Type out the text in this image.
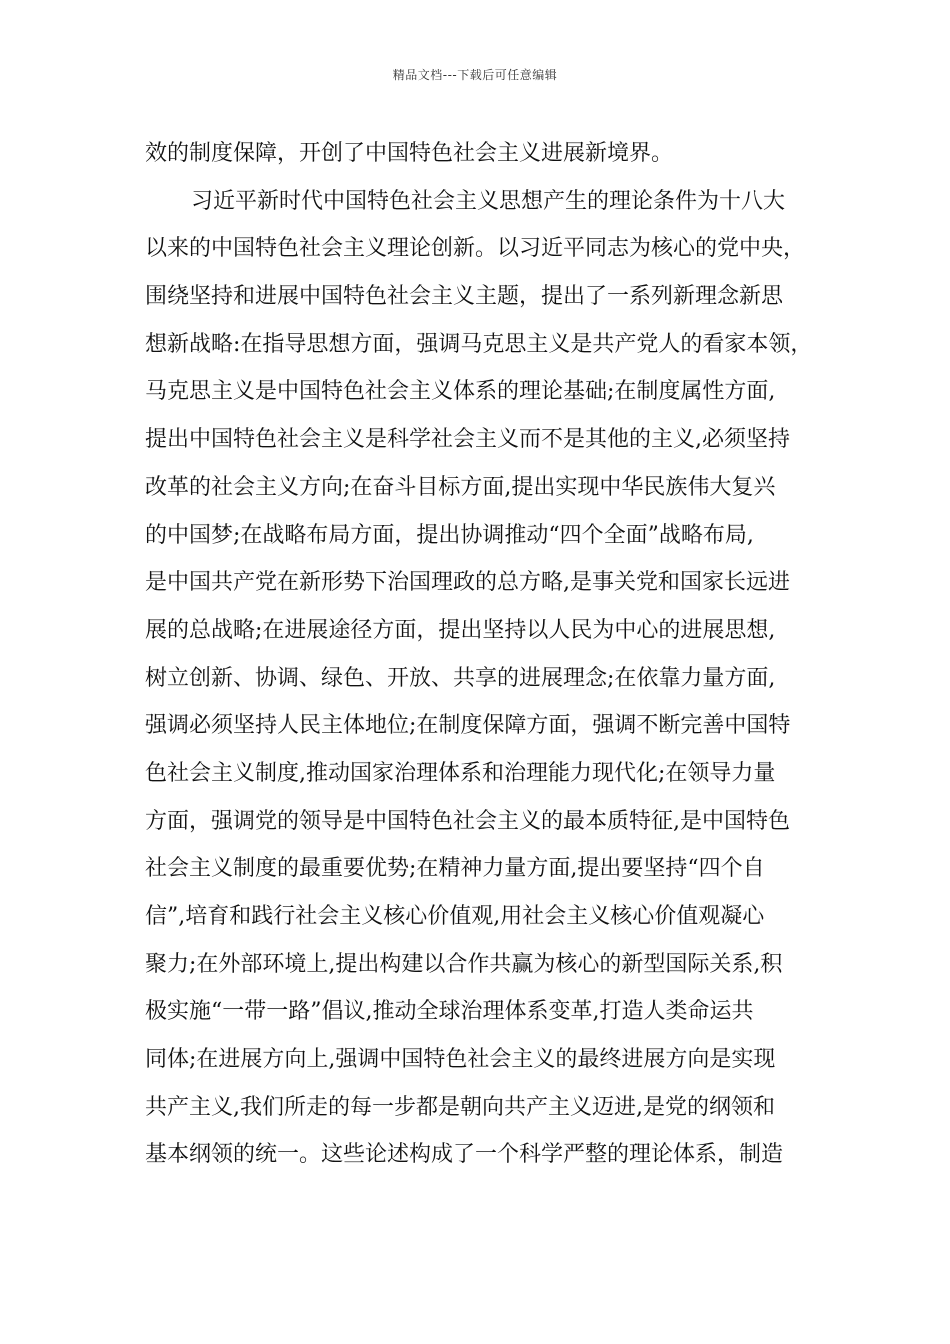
精品文档---下载后可任意编辑
效的制度保障，开创了中国特色社会主义进展新境界。
习近平新时代中国特色社会主义思想产生的理论条件为十八大
以来的中国特色社会主义理论创新。以习近平同志为核心的党中央，
围绕坚持和进展中国特色社会主义主题，提出了一系列新理念新思
想新战略:在指导思想方面，强调马克思主义是共产党人的看家本领，
马克思主义是中国特色社会主义体系的理论基础;在制度属性方面,
提出中国特色社会主义是科学社会主义而不是其他的主义,必须坚持
改革的社会主义方向;在奋斗目标方面,提出实现中华民族伟大复兴
的中国梦;在战略布局方面，提出协调推动“四个全面”战略布局,
是中国共产党在新形势下治国理政的总方略,是事关党和国家长远进
展的总战略;在进展途径方面，提出坚持以人民为中心的进展思想,
树立创新、协调、绿色、开放、共享的进展理念;在依靠力量方面,
强调必须坚持人民主体地位;在制度保障方面，强调不断完善中国特
色社会主义制度,推动国家治理体系和治理能力现代化;在领导力量
方面，强调党的领导是中国特色社会主义的最本质特征,是中国特色
社会主义制度的最重要优势;在精神力量方面,提出要坚持“四个自
信”,培育和践行社会主义核心价值观,用社会主义核心价值观凝心
聚力;在外部环境上,提出构建以合作共赢为核心的新型国际关系,积
极实施“一带一路”倡议,推动全球治理体系变革,打造人类命运共
同体;在进展方向上,强调中国特色社会主义的最终进展方向是实现
共产主义,我们所走的每一步都是朝向共产主义迈进,是党的纲领和
基本纲领的统一。这些论述构成了一个科学严整的理论体系，制造
